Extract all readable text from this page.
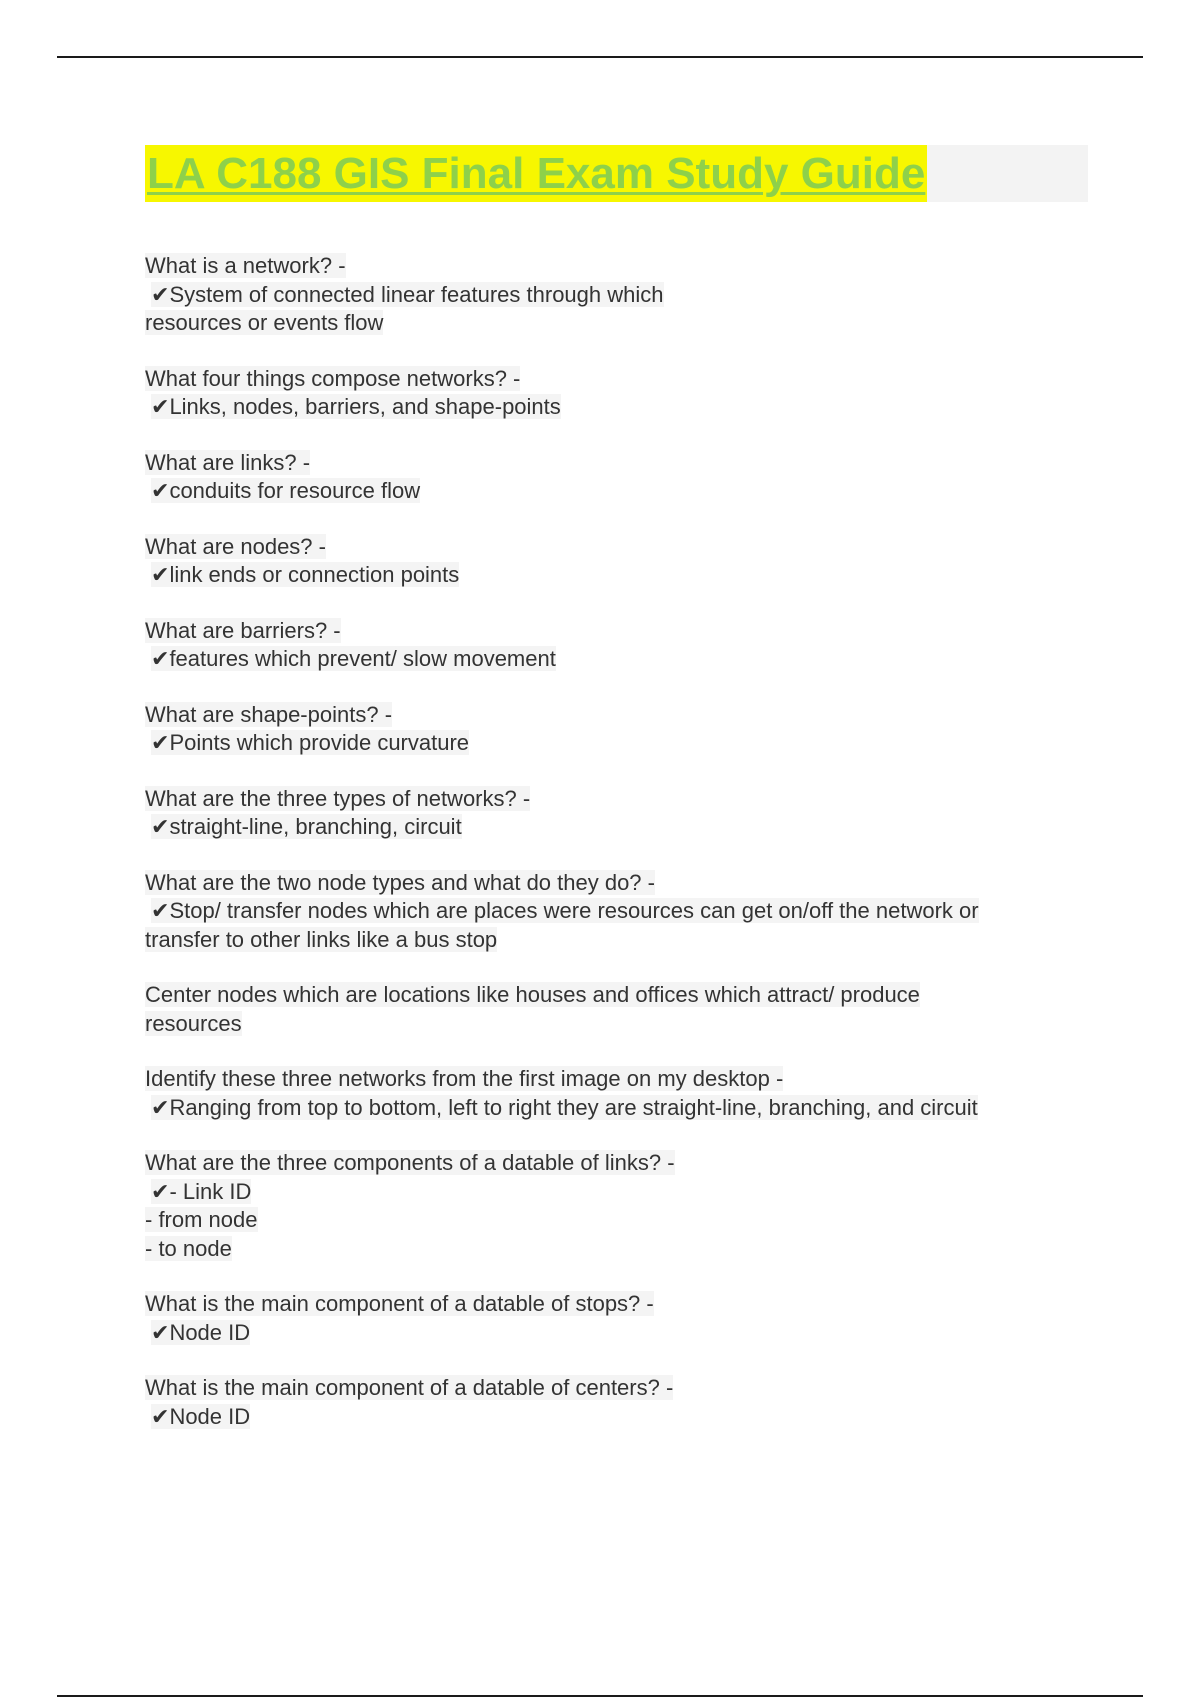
LA C188 GIS Final Exam Study Guide
What is a network? -
✔System of connected linear features through which
resources or events flow
What four things compose networks? -
✔Links, nodes, barriers, and shape-points
What are links? -
✔conduits for resource flow
What are nodes? -
✔link ends or connection points
What are barriers? -
✔features which prevent/ slow movement
What are shape-points? -
✔Points which provide curvature
What are the three types of networks? -
✔straight-line, branching, circuit
What are the two node types and what do they do? -
✔Stop/ transfer nodes which are places were resources can get on/off the network or
transfer to other links like a bus stop
Center nodes which are locations like houses and offices which attract/ produce
resources
Identify these three networks from the first image on my desktop -
✔Ranging from top to bottom, left to right they are straight-line, branching, and circuit
What are the three components of a datable of links? -
✔- Link ID
- from node
- to node
What is the main component of a datable of stops? -
✔Node ID
What is the main component of a datable of centers? -
✔Node ID
